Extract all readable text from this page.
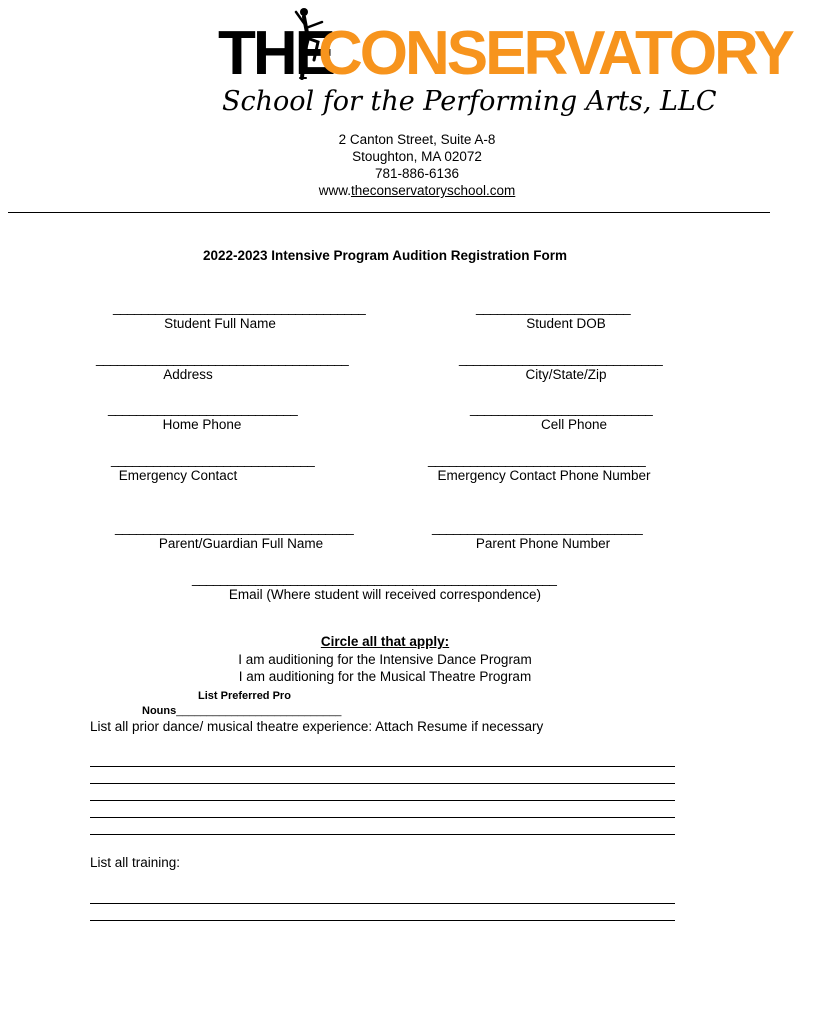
THE
CONSERVATORY
School for the Performing Arts, LLC
2 Canton Street, Suite A-8
Stoughton, MA 02072
781-886-6136
www.theconservatoryschool.com
2022-2023 Intensive Program Audition Registration Form
____________________________________
Student Full Name
______________________
Student DOB
____________________________________
Address
_____________________________
City/State/Zip
___________________________
Home Phone
__________________________
Cell Phone
_____________________________
Emergency Contact
_______________________________
Emergency Contact Phone Number
__________________________________
Parent/Guardian Full Name
______________________________
Parent Phone Number
____________________________________________________
Email (Where student will received correspondence)
Circle all that apply:
I am auditioning for the Intensive Dance Program
I am auditioning for the Musical Theatre Program
List Preferred Pro
Nouns___________________________
List all prior dance/ musical theatre experience: Attach Resume if necessary
List all training:
